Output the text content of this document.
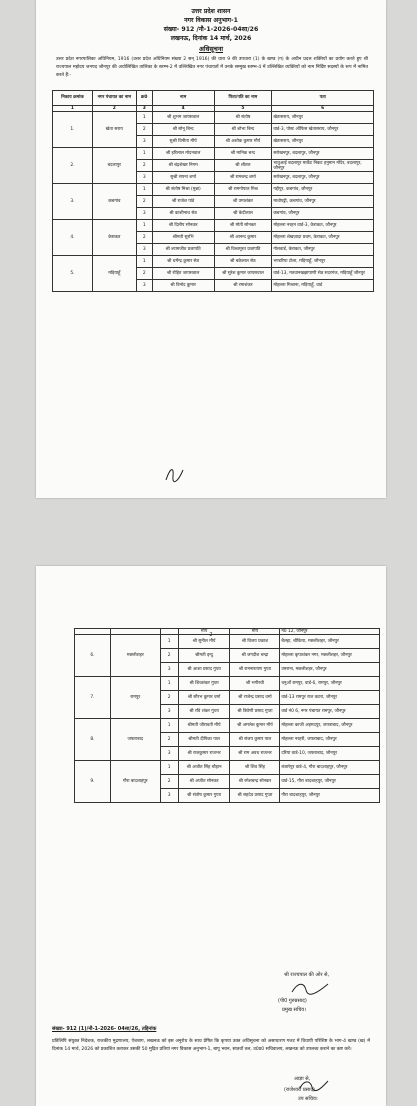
उत्तर प्रदेश शासन
नगर विकास अनुभाग-1
संख्या- 912 /नौ-1-2026-04सा/26
लखनऊ, दिनांक 14 मार्च, 2026
अधिसूचना
उत्तर प्रदेश नगरपालिका अधिनियम, 1916 (उत्तर प्रदेश अधिनियम संख्या 2 सन् 1916) की धारा 9 की उपधारा (1) के खण्ड (ग) के अधीन प्रदत्त शक्तियों का प्रयोग करते हुए श्री राज्यपाल महोदय जनपद जौनपुर की अधोलिखित तालिका के स्तम्भ-2 में उल्लिखित नगर पंचायतों में उनके सम्मुख स्तम्भ-4 में उल्लिखित व्यक्तियों को नाम निर्दिष्ट सदस्यों के रूप में नामित करते हैं:-
निकाय क्रमांक	नगर पंचायत का नाम	क्र0	नाम	पिता/पति का नाम	पता
1	2	3	4	5	6
1.	खेता सराय	1	श्री शुभम जायसवाल	श्री संतोष	खेतासराय, जौनपुर
		2	श्री सोनू बिन्द	श्री शोभा बिन्द	वार्ड-3, पोस्ट ऑफिस खेतासराय, जौनपुर
		3	सुश्री विनीता मौर्य	श्री अशोक कुमार मौर्य	खेतासराय, जौनपुर
2.	बदलापुर	1	श्री हरिलाल मोदनवाल	श्री मानिक चन्द	सरोखनपुर, बदलापुर, जौनपुर
		2	श्री चंद्रशेखर निगम	श्री शीतल	भातुआई बदलापुर मार्केट निकट हनुमान मंदिर, बदलापुर, जौनपुर
		3	सुश्री सपना शर्मा	श्री रामचन्द्र शर्मा	सरोखनपुर, बदलापुर, जौनपुर
3.	कचगांव	1	श्री संतोष मिश्रा (मुन्ना)	श्री रामगोपाल मिश्र	गद्दीपुर, कचगांव, जौनपुर
		2	श्री राजेश पांडे	श्री उमाशंकर	माधोपट्टी, कचगांव, जौनपुर
		3	श्री काशीनाथ सेठ	श्री केदीलाल	कचगांव, जौनपुर
4.	केराकत	1	श्री दिलीप सोनकर	श्री मोती सोनकर	मोहल्ला नरहन वार्ड-3, केराकत, जौनपुर
		2	श्रीमती सुरभि	श्री आनन्द कुमार	मोहल्ला शेखज़ादा प्रथम, केराकत, जौनपुर
		3	श्री श्यामजीत प्रजापति	श्री विश्वमूरत प्रजापति	गोलवार्ड, केराकत, जौनपुर
5.	मड़ियाहूँ	1	श्री धर्मेन्द्र कुमार सेठ	श्री बकेलाल सेठ	भण्डरिया टोला, मड़ियाहूँ, जौनपुर
		2	श्री रोहित जायसवाल	श्री सुरेश कुमार जायसवाल	वार्ड-13, मतवानखझापाणी सेठ सदरगंज, मड़ियाहूँ जौनपुर
		3	श्री विनोद कुमार	श्री रमाशंकर	मोहल्ला मिश्राना, मड़ियाहूँ, वार्ड
-2-
			मौर्य	मौर्य	नं0 12, जौनपुर
6.	मछलीशहर	1	श्री सुनील मौर्य	श्री विजय प्रकाश	बैलहा, चौकिया, मछलीशहर, जौनपुर
		2	श्रीमती इन्दु	श्री जगदीश चन्द्रा	मोहल्ला कृपाशंकर नगर, मछलीशहर, जौनपुर
		3	श्री आशा प्रसाद गुप्ता	श्री रामनारायण गुप्ता	उमराना, मछलीशहर, जौनपुर
7.	रामपुर	1	श्री शिवशंकर गुप्ता	श्री भगीरथी	धनुआँ रामपुर, वार्ड-6, रामपुर, जौनपुर
		2	श्री सौरभ कुमार वर्मा	श्री राजेन्द्र प्रसाद वर्मा	वार्ड-13 रामपुर राज कटरा, जौनपुर
		3	श्री रवि शंकर गुप्ता	श्री त्रिवेणी प्रसाद गुप्ता	वार्ड नं0 6, नगर पंचायत रामपुर, जौनपुर
8.	जफराबाद	1	श्रीमती जीरावती मौर्य	श्री अमलेश कुमार मौर्य	मोहल्ला काजी अहमदपुर, जफराबाद, जौनपुर
		2	श्रीमती दीपिका पाल	श्री संजय कुमार पाल	मोहल्ला नरहरी, जफराबाद, जौनपुर
		3	श्री राजकुमार राजभर	श्री राम अवध राजभर	दरिया वार्ड-10, जफराबाद, जौनपुर
9.	गौरा बादशाहपुर	1	श्री अजीत सिंह चौहान	श्री शिव सिंह	बंजारेपुर वार्ड-4, गौरा बादशाहपुर, जौनपुर
		2	श्री अजीत सोनकर	श्री रमेशचन्द्र सोनकर	वार्ड-15, गौरा बादशाहपुर, जौनपुर
		3	श्री संतोष कुमार गुप्ता	श्री सहदेव प्रसाद गुप्ता	गौरा बादशाहपुर, जौनपुर
श्री राज्यपाल की ओर से,
(पी0 गुरुप्रसाद)
प्रमुख सचिव।
संख्या- 912 (1)/नौ-1-2026- 04सा/26, तद्दिनांक
प्रतिलिपि संयुक्त निदेशक, राजकीय मुद्रणालय, ऐशबाग, लखनऊ को इस अनुरोध के साथ प्रेषित कि कृपया उक्त अधिसूचना को असाधारण गजट में विधायी परिशिष्ट के भाग-4 खण्ड (ख) में दिनांक 14 मार्च, 2026 को प्रकाशित कराकर उसकी 50 मुद्रित प्रतियां नगर विकास अनुभाग-1, बापू भवन, सातवाँ तल, उ0प्र0 सचिवालय, लखनऊ को उपलब्ध कराने का कष्ट करें।
आज्ञा से,
(राजेश्वरी प्रसाद)
उप सचिव।
